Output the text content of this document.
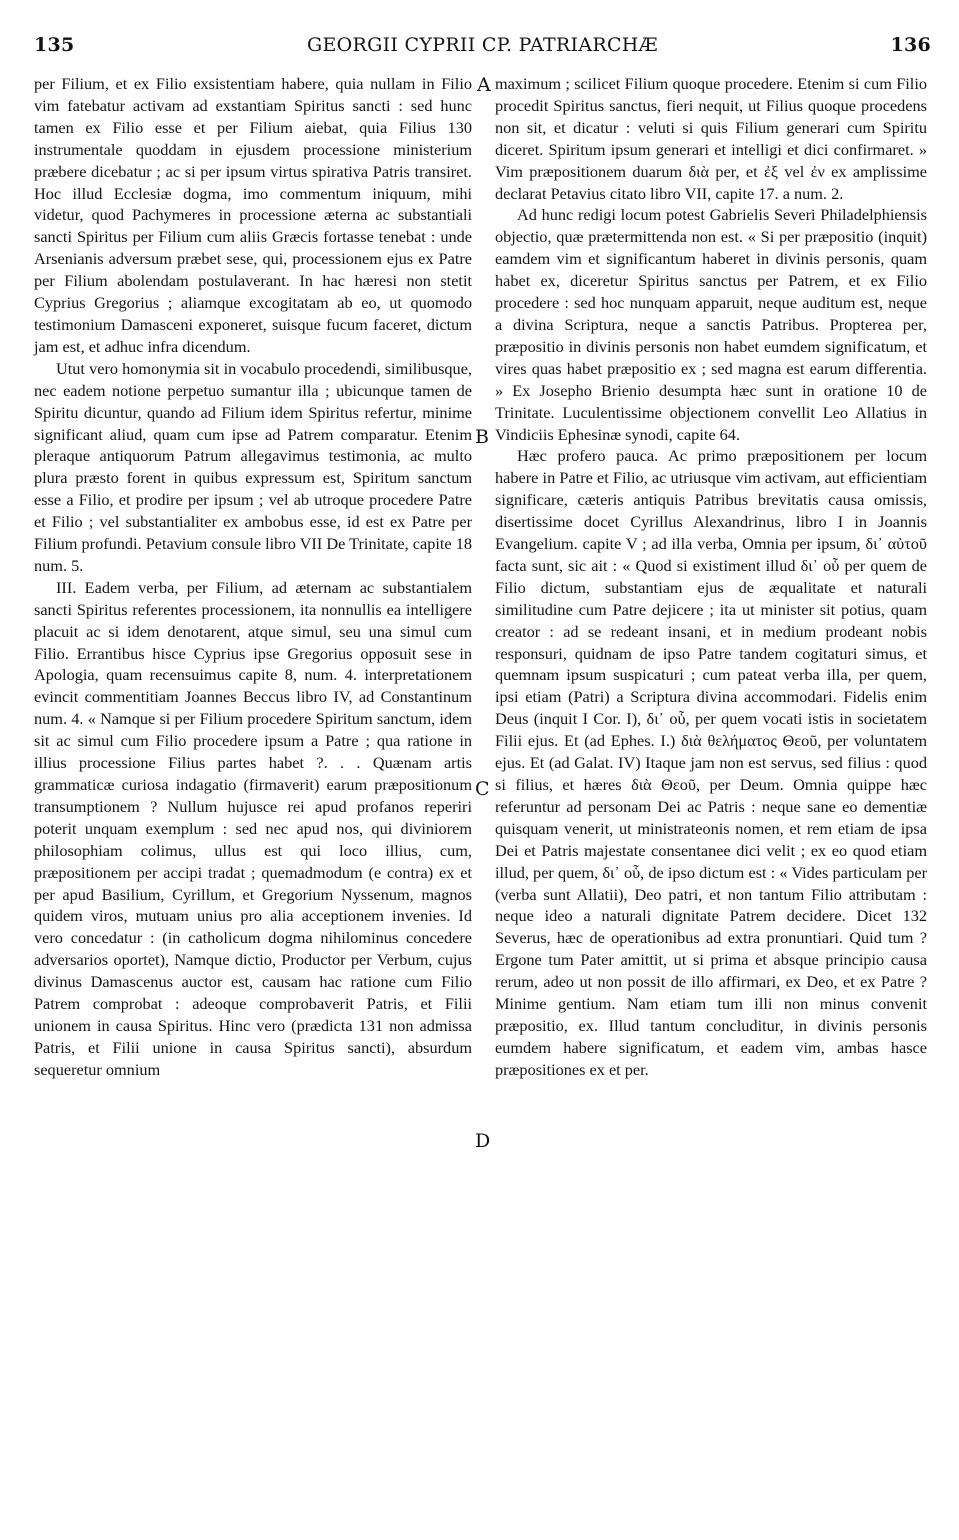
135	GEORGII CYPRII CP. PATRIARCHÆ	136

per Filium, et ex Filio exsistentiam habere, quia nullam in Filio vim fatebatur activam ad exstantiam Spiritus sancti : sed hunc tamen ex Filio esse et per Filium aiebat, quia Filius 130 instrumentale quoddam in ejusdem processione ministerium præbere dicebatur ; ac si per ipsum virtus spirativa Patris transiret. Hoc illud Ecclesiæ dogma, imo commentum iniquum, mihi videtur, quod Pachymeres in processione æterna ac substantiali sancti Spiritus per Filium cum aliis Græcis fortasse tenebat : unde Arsenianis adversum præbet sese, qui, processionem ejus ex Patre per Filium abolendam postulaverant. In hac hæresi non stetit Cyprius Gregorius ; aliamque excogitatam ab eo, ut quomodo testimonium Damasceni exponeret, suisque fucum faceret, dictum jam est, et adhuc infra dicendum.

Utut vero homonymia sit in vocabulo procedendi, similibusque, nec eadem notione perpetuo sumantur illa ; ubicunque tamen de Spiritu dicuntur, quando ad Filium idem Spiritus refertur, minime significant aliud, quam cum ipse ad Patrem comparatur. Etenim pleraque antiquorum Patrum allegavimus testimonia, ac multo plura præsto forent in quibus expressum est, Spiritum sanctum esse a Filio, et prodire per ipsum ; vel ab utroque procedere Patre et Filio ; vel substantialiter ex ambobus esse, id est ex Patre per Filium profundi. Petavium consule libro VII De Trinitate, capite 18 num. 5.

III. Eadem verba, per Filium, ad æternam ac substantialem sancti Spiritus referentes processionem, ita nonnullis ea intelligere placuit ac si idem denotarent, atque simul, seu una simul cum Filio. Errantibus hisce Cyprius ipse Gregorius opposuit sese in Apologia, quam recensuimus capite 8, num. 4. interpretationem evincit commentitiam Joannes Beccus libro IV, ad Constantinum num. 4. « Namque si per Filium procedere Spiritum sanctum, idem sit ac simul cum Filio procedere ipsum a Patre ; qua ratione in illius processione Filius partes habet ?. . . Quænam artis grammaticæ curiosa indagatio (firmaverit) earum præpositionum transumptionem ? Nullum hujusce rei apud profanos reperiri poterit unquam exemplum : sed nec apud nos, qui diviniorem philosophiam colimus, ullus est qui loco illius, cum, præpositionem per accipi tradat ; quemadmodum (e contra) ex et per apud Basilium, Cyrillum, et Gregorium Nyssenum, magnos quidem viros, mutuam unius pro alia acceptionem invenies. Id vero concedatur : (in catholicum dogma nihilominus concedere adversarios oportet), Namque dictio, Productor per Verbum, cujus divinus Damascenus auctor est, causam hac ratione cum Filio Patrem comprobat : adeoque comprobaverit Patris, et Filii unionem in causa Spiritus. Hinc vero (prædicta 131 non admissa Patris, et Filii unione in causa Spiritus sancti), absurdum sequeretur omnium

A
B
C
D

maximum ; scilicet Filium quoque procedere. Etenim si cum Filio procedit Spiritus sanctus, fieri nequit, ut Filius quoque procedens non sit, et dicatur : veluti si quis Filium generari cum Spiritu diceret. Spiritum ipsum generari et intelligi et dici confirmaret. » Vim præpositionem duarum διὰ per, et ἐξ vel ἐν ex amplissime declarat Petavius citato libro VII, capite 17. a num. 2.

Ad hunc redigi locum potest Gabrielis Severi Philadelphiensis objectio, quæ prætermittenda non est. « Si per præpositio (inquit) eamdem vim et significantum haberet in divinis personis, quam habet ex, diceretur Spiritus sanctus per Patrem, et ex Filio procedere : sed hoc nunquam apparuit, neque auditum est, neque a divina Scriptura, neque a sanctis Patribus. Propterea per, præpositio in divinis personis non habet eumdem significatum, et vires quas habet præpositio ex ; sed magna est earum differentia. » Ex Josepho Brienio desumpta hæc sunt in oratione 10 de Trinitate. Luculentissime objectionem convellit Leo Allatius in Vindiciis Ephesinæ synodi, capite 64.

Hæc profero pauca. Ac primo præpositionem per locum habere in Patre et Filio, ac utriusque vim activam, aut efficientiam significare, cæteris antiquis Patribus brevitatis causa omissis, disertissime docet Cyrillus Alexandrinus, libro I in Joannis Evangelium. capite V ; ad illa verba, Omnia per ipsum, δι᾽ αὐτοῦ facta sunt, sic ait : « Quod si existiment illud δι᾽ οὗ per quem de Filio dictum, substantiam ejus de æqualitate et naturali similitudine cum Patre dejicere ; ita ut minister sit potius, quam creator : ad se redeant insani, et in medium prodeant nobis responsuri, quidnam de ipso Patre tandem cogitaturi simus, et quemnam ipsum suspicaturi ; cum pateat verba illa, per quem, ipsi etiam (Patri) a Scriptura divina accommodari. Fidelis enim Deus (inquit I Cor. I), δι᾽ οὗ, per quem vocati istis in societatem Filii ejus. Et (ad Ephes. I.) διὰ θελήματος Θεοῦ, per voluntatem ejus. Et (ad Galat. IV) Itaque jam non est servus, sed filius : quod si filius, et hæres διὰ Θεοῦ, per Deum. Omnia quippe hæc referuntur ad personam Dei ac Patris : neque sane eo dementiæ quisquam venerit, ut ministrateonis nomen, et rem etiam de ipsa Dei et Patris majestate consentanee dici velit ; ex eo quod etiam illud, per quem, δι᾽ οὗ, de ipso dictum est : « Vides particulam per (verba sunt Allatii), Deo patri, et non tantum Filio attributam : neque ideo a naturali dignitate Patrem decidere. Dicet 132 Severus, hæc de operationibus ad extra pronuntiari. Quid tum ? Ergone tum Pater amittit, ut si prima et absque principio causa rerum, adeo ut non possit de illo affirmari, ex Deo, et ex Patre ?Minime gentium. Nam etiam tum illi non minus convenit præpositio, ex. Illud tantum concluditur, in divinis personis eumdem habere significatum, et eadem vim, ambas hasce præpositiones ex et per.
